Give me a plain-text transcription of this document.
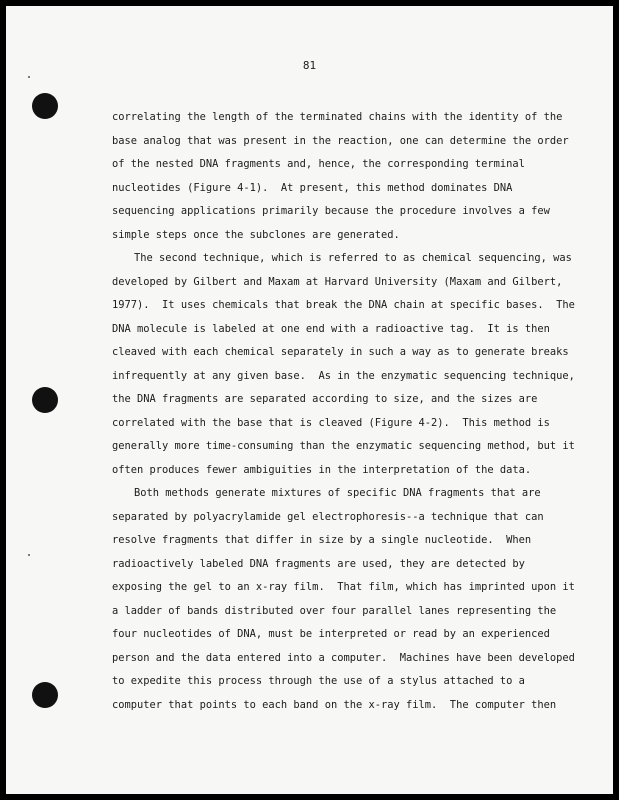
81

correlating the length of the terminated chains with the identity of the
base analog that was present in the reaction, one can determine the order
of the nested DNA fragments and, hence, the corresponding terminal
nucleotides (Figure 4-1).  At present, this method dominates DNA
sequencing applications primarily because the procedure involves a few
simple steps once the subclones are generated.
The second technique, which is referred to as chemical sequencing, was
developed by Gilbert and Maxam at Harvard University (Maxam and Gilbert,
1977).  It uses chemicals that break the DNA chain at specific bases.  The
DNA molecule is labeled at one end with a radioactive tag.  It is then
cleaved with each chemical separately in such a way as to generate breaks
infrequently at any given base.  As in the enzymatic sequencing technique,
the DNA fragments are separated according to size, and the sizes are
correlated with the base that is cleaved (Figure 4-2).  This method is
generally more time-consuming than the enzymatic sequencing method, but it
often produces fewer ambiguities in the interpretation of the data.
Both methods generate mixtures of specific DNA fragments that are
separated by polyacrylamide gel electrophoresis--a technique that can
resolve fragments that differ in size by a single nucleotide.  When
radioactively labeled DNA fragments are used, they are detected by
exposing the gel to an x-ray film.  That film, which has imprinted upon it
a ladder of bands distributed over four parallel lanes representing the
four nucleotides of DNA, must be interpreted or read by an experienced
person and the data entered into a computer.  Machines have been developed
to expedite this process through the use of a stylus attached to a
computer that points to each band on the x-ray film.  The computer then
